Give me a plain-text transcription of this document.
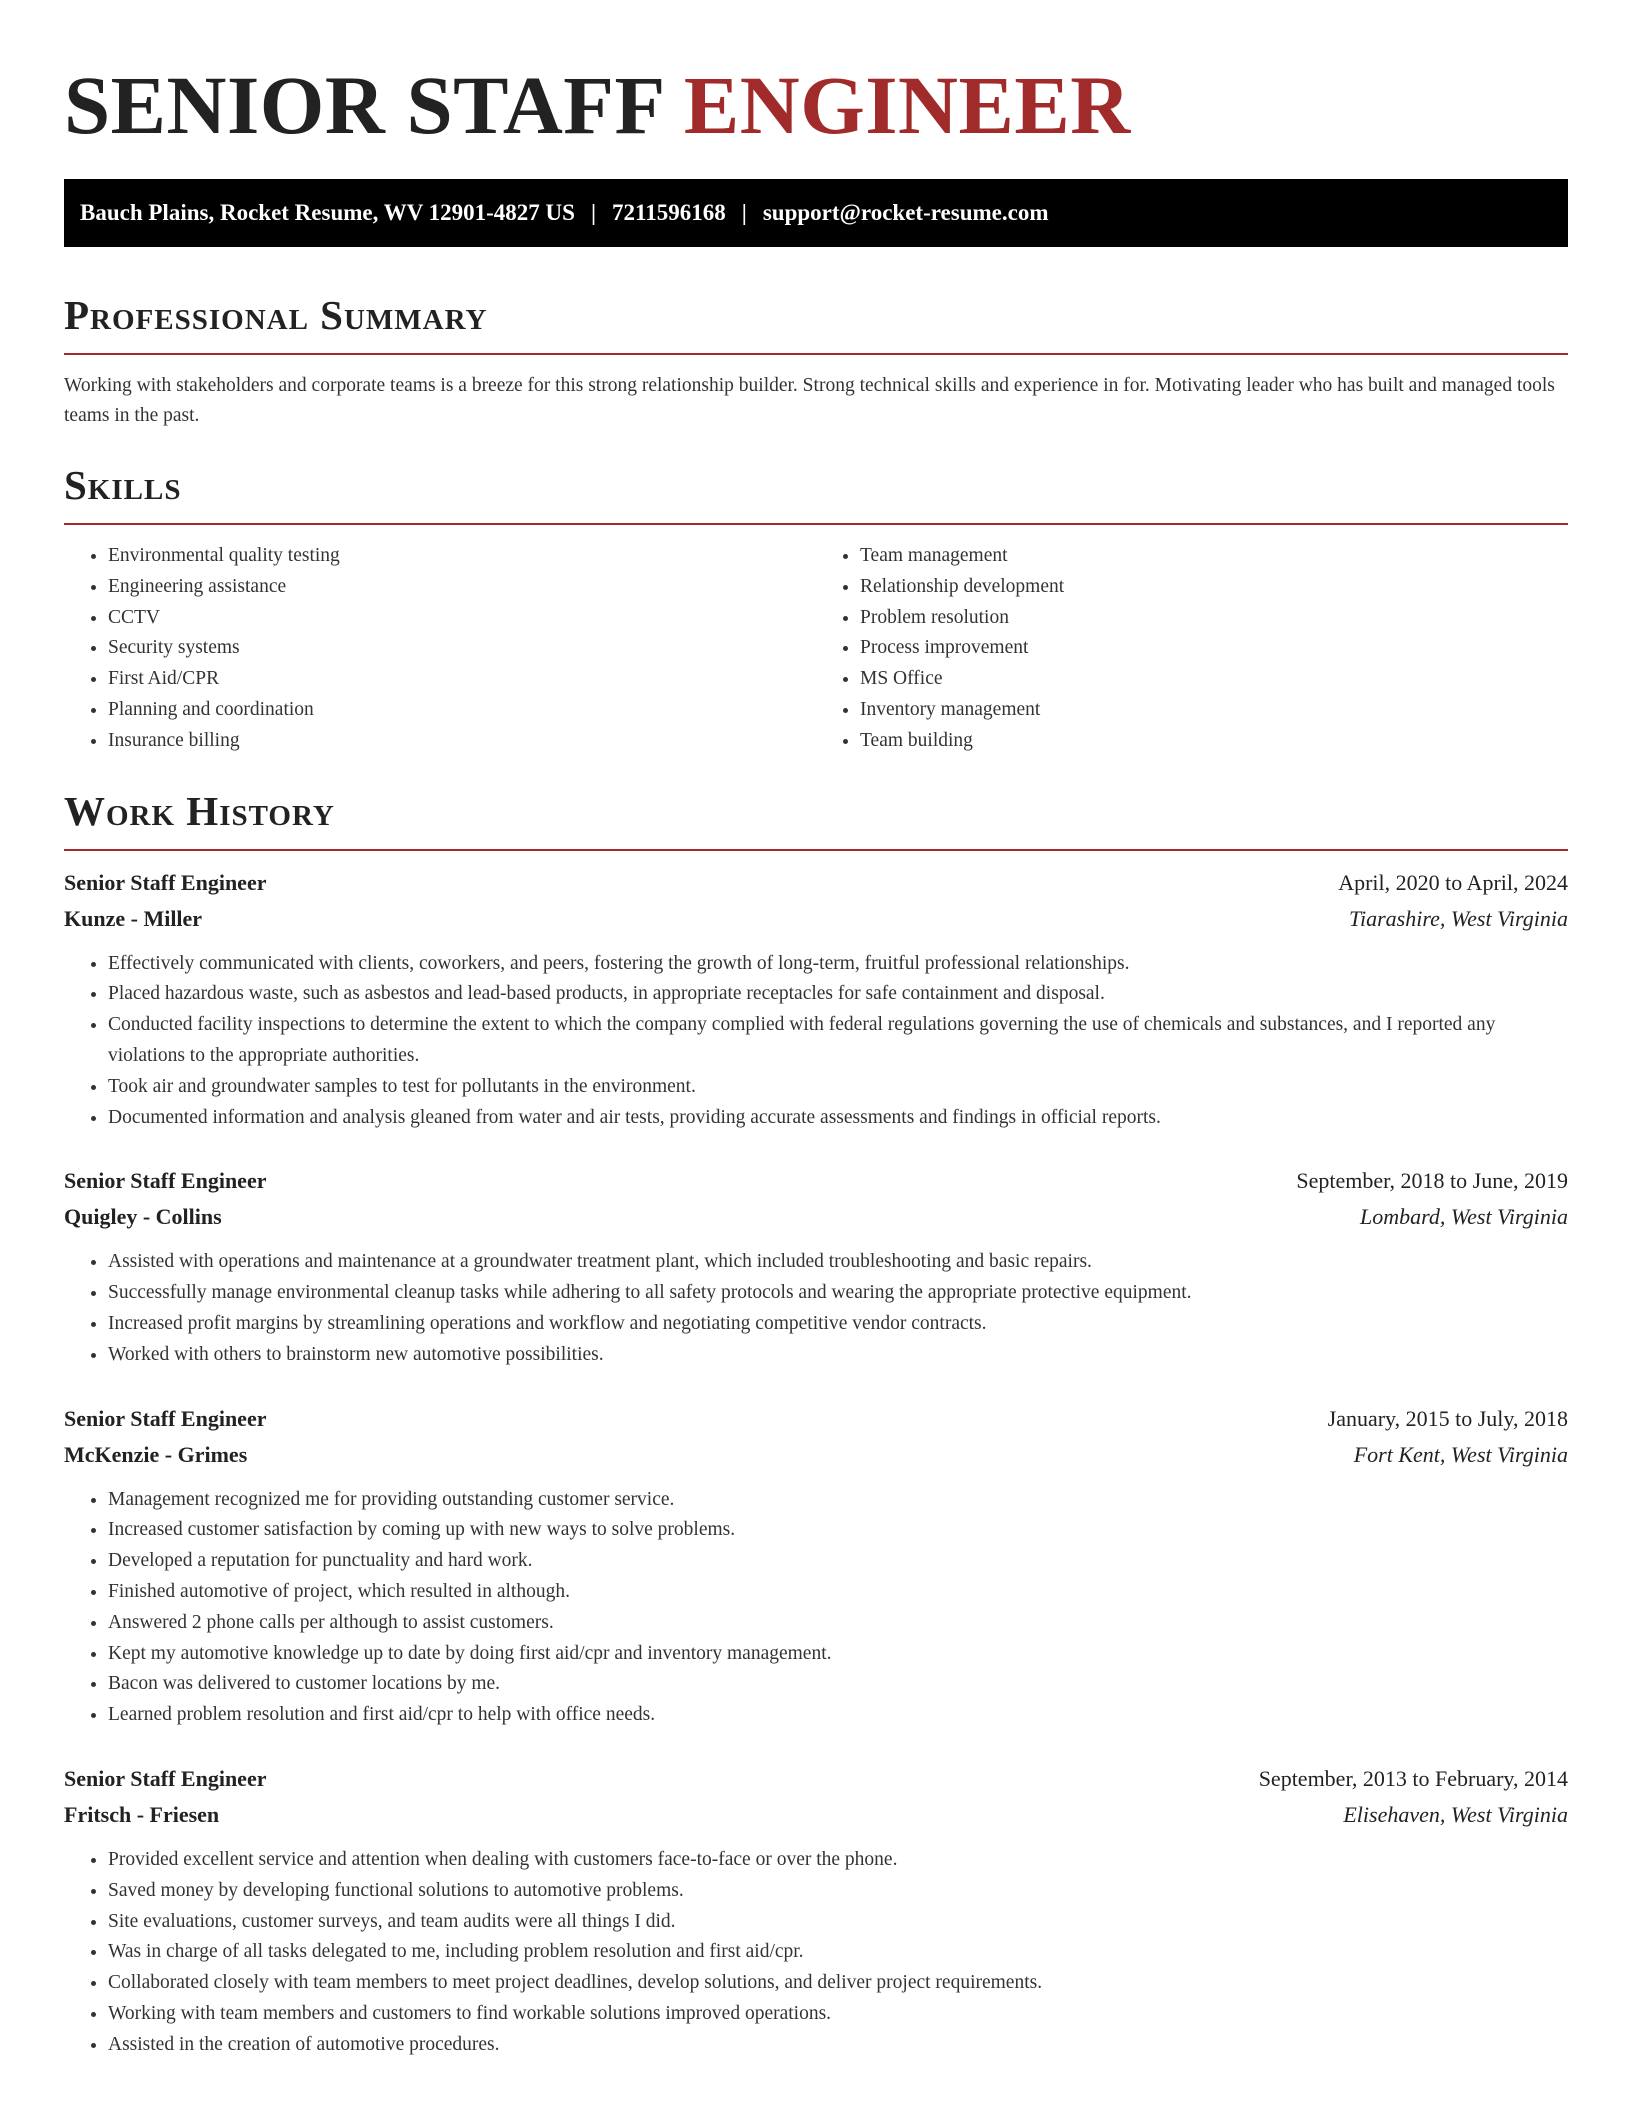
SENIOR STAFF ENGINEER
Bauch Plains, Rocket Resume, WV 12901-4827 US | 7211596168 | support@rocket-resume.com
Professional Summary

Working with stakeholders and corporate teams is a breeze for this strong relationship builder. Strong technical skills and experience in for. Motivating leader who has built and managed tools teams in the past.

Skills
• Environmental quality testing
• Engineering assistance
• CCTV
• Security systems
• First Aid/CPR
• Planning and coordination
• Insurance billing
• Team management
• Relationship development
• Problem resolution
• Process improvement
• MS Office
• Inventory management
• Team building
Work History
Senior Staff Engineer	April, 2020 to April, 2024
Kunze - Miller	Tiarashire, West Virginia
• Effectively communicated with clients, coworkers, and peers, fostering the growth of long-term, fruitful professional relationships.
• Placed hazardous waste, such as asbestos and lead-based products, in appropriate receptacles for safe containment and disposal.
• Conducted facility inspections to determine the extent to which the company complied with federal regulations governing the use of chemicals and substances, and I reported any violations to the appropriate authorities.
• Took air and groundwater samples to test for pollutants in the environment.
• Documented information and analysis gleaned from water and air tests, providing accurate assessments and findings in official reports.
Senior Staff Engineer	September, 2018 to June, 2019
Quigley - Collins	Lombard, West Virginia
• Assisted with operations and maintenance at a groundwater treatment plant, which included troubleshooting and basic repairs.
• Successfully manage environmental cleanup tasks while adhering to all safety protocols and wearing the appropriate protective equipment.
• Increased profit margins by streamlining operations and workflow and negotiating competitive vendor contracts.
• Worked with others to brainstorm new automotive possibilities.
Senior Staff Engineer	January, 2015 to July, 2018
McKenzie - Grimes	Fort Kent, West Virginia
• Management recognized me for providing outstanding customer service.
• Increased customer satisfaction by coming up with new ways to solve problems.
• Developed a reputation for punctuality and hard work.
• Finished automotive of project, which resulted in although.
• Answered 2 phone calls per although to assist customers.
• Kept my automotive knowledge up to date by doing first aid/cpr and inventory management.
• Bacon was delivered to customer locations by me.
• Learned problem resolution and first aid/cpr to help with office needs.
Senior Staff Engineer	September, 2013 to February, 2014
Fritsch - Friesen	Elisehaven, West Virginia
• Provided excellent service and attention when dealing with customers face-to-face or over the phone.
• Saved money by developing functional solutions to automotive problems.
• Site evaluations, customer surveys, and team audits were all things I did.
• Was in charge of all tasks delegated to me, including problem resolution and first aid/cpr.
• Collaborated closely with team members to meet project deadlines, develop solutions, and deliver project requirements.
• Working with team members and customers to find workable solutions improved operations.
• Assisted in the creation of automotive procedures.
